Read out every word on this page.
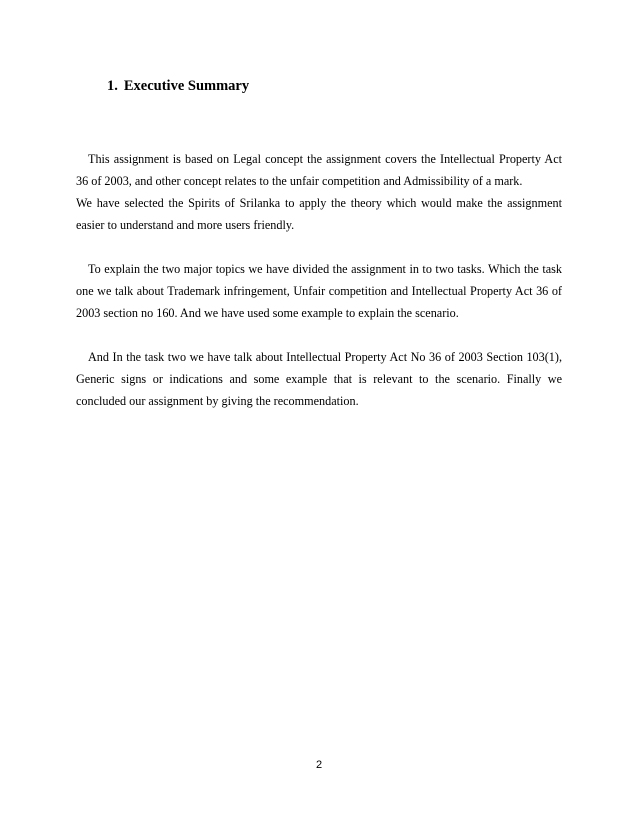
1. Executive Summary

This assignment is based on Legal concept the assignment covers the Intellectual Property Act 36 of 2003, and other concept relates to the unfair competition and Admissibility of a mark.

We have selected the Spirits of Srilanka to apply the theory which would make the assignment easier to understand and more users friendly.

To explain the two major topics we have divided the assignment in to two tasks. Which the task one we talk about Trademark infringement, Unfair competition and Intellectual Property Act 36 of 2003 section no 160. And we have used some example to explain the scenario.

And In the task two we have talk about Intellectual Property Act No 36 of 2003 Section 103(1), Generic signs or indications and some example that is relevant to the scenario. Finally we concluded our assignment by giving the recommendation.

2
